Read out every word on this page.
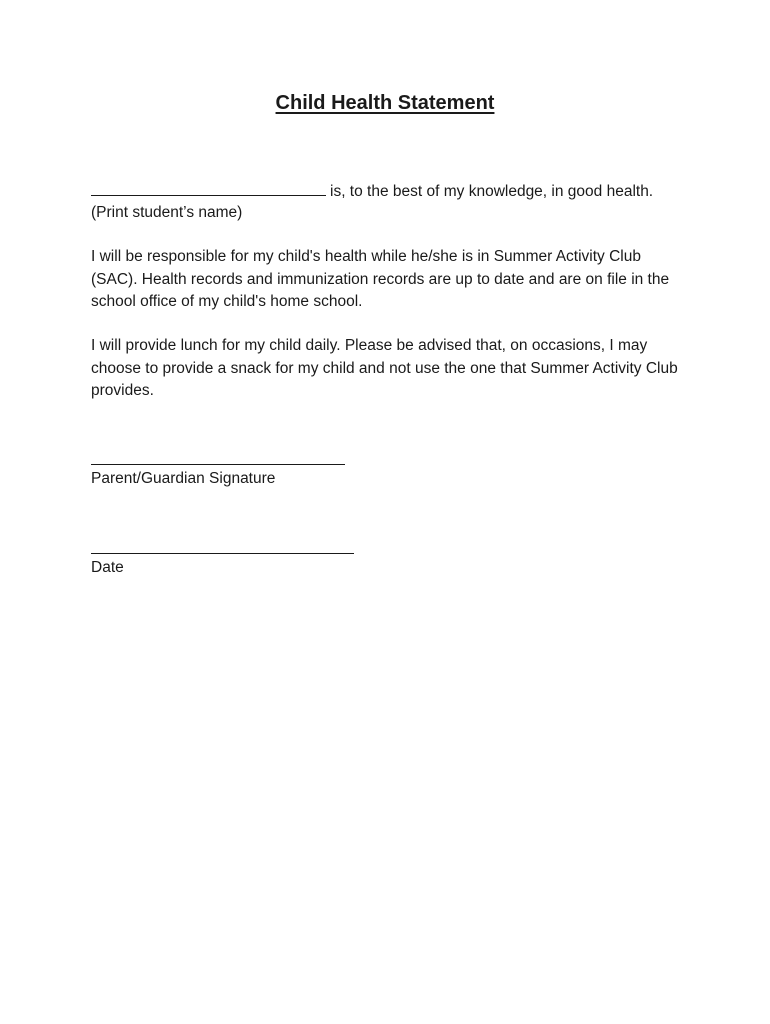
Child Health Statement
is, to the best of my knowledge, in good health.

(Print student’s name)

I will be responsible for my child's health while he/she is in Summer Activity Club (SAC). Health records and immunization records are up to date and are on file in the school office of my child's home school.

I will provide lunch for my child daily. Please be advised that, on occasions, I may choose to provide a snack for my child and not use the one that Summer Activity Club provides.

Parent/Guardian Signature

Date
